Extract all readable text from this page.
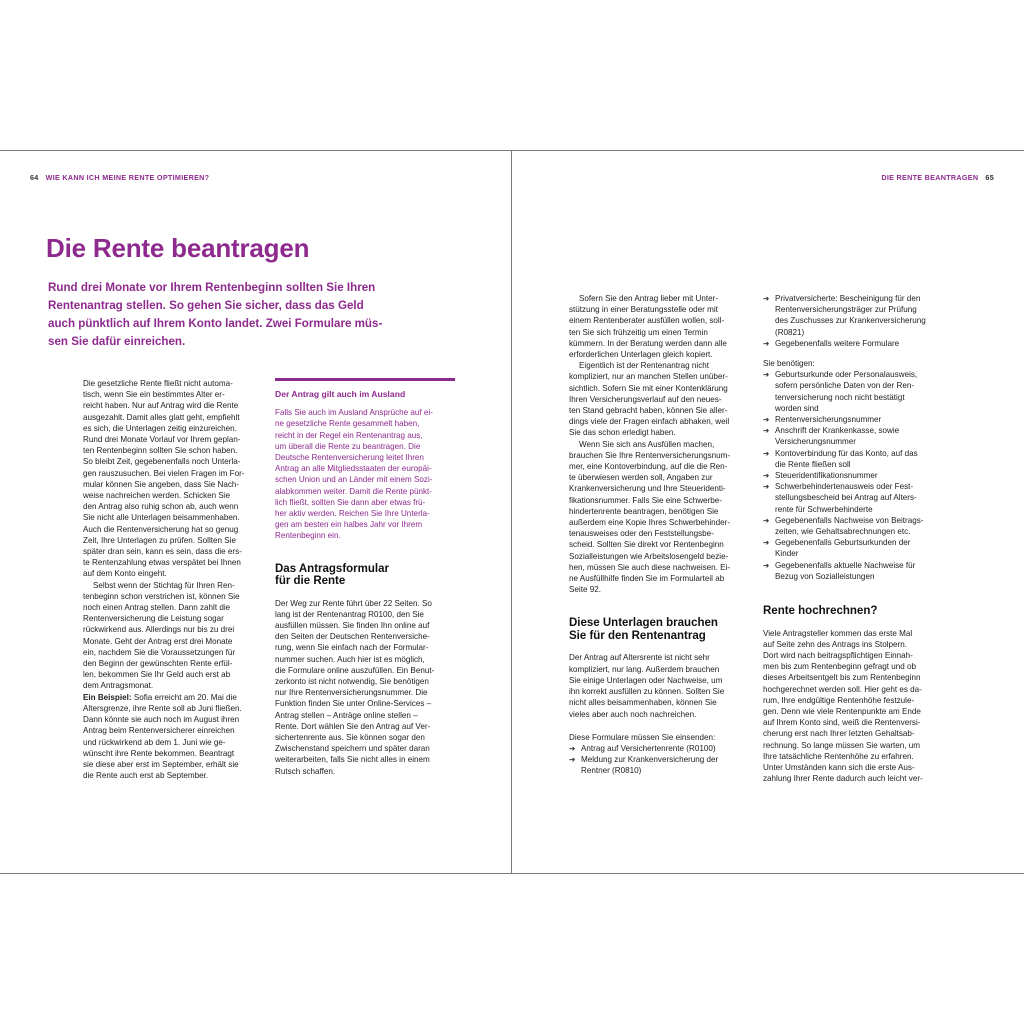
64 WIE KANN ICH MEINE RENTE OPTIMIEREN?
Die Rente beantragen
Rund drei Monate vor Ihrem Rentenbeginn sollten Sie Ihren
Rentenantrag stellen. So gehen Sie sicher, dass das Geld
auch pünktlich auf Ihrem Konto landet. Zwei Formulare müs-
sen Sie dafür einreichen.
Die gesetzliche Rente fließt nicht automa-
tisch, wenn Sie ein bestimmtes Alter er-
reicht haben. Nur auf Antrag wird die Rente
ausgezahlt. Damit alles glatt geht, empfiehlt
es sich, die Unterlagen zeitig einzureichen.
Rund drei Monate Vorlauf vor Ihrem geplan-
ten Rentenbeginn sollten Sie schon haben.
So bleibt Zeit, gegebenenfalls noch Unterla-
gen rauszusuchen. Bei vielen Fragen im For-
mular können Sie angeben, dass Sie Nach-
weise nachreichen werden. Schicken Sie
den Antrag also ruhig schon ab, auch wenn
Sie nicht alle Unterlagen beisammenhaben.
Auch die Rentenversicherung hat so genug
Zeit, Ihre Unterlagen zu prüfen. Sollten Sie
später dran sein, kann es sein, dass die ers-
te Rentenzahlung etwas verspätet bei Ihnen
auf dem Konto eingeht.
Selbst wenn der Stichtag für Ihren Ren-
tenbeginn schon verstrichen ist, können Sie
noch einen Antrag stellen. Dann zahlt die
Rentenversicherung die Leistung sogar
rückwirkend aus. Allerdings nur bis zu drei
Monate. Geht der Antrag erst drei Monate
ein, nachdem Sie die Voraussetzungen für
den Beginn der gewünschten Rente erfül-
len, bekommen Sie Ihr Geld auch erst ab
dem Antragsmonat.
Ein Beispiel: Sofia erreicht am 20. Mai die
Altersgrenze, ihre Rente soll ab Juni fließen.
Dann könnte sie auch noch im August ihren
Antrag beim Rentenversicherer einreichen
und rückwirkend ab dem 1. Juni wie ge-
wünscht ihre Rente bekommen. Beantragt
sie diese aber erst im September, erhält sie
die Rente auch erst ab September.
Der Antrag gilt auch im Ausland
Falls Sie auch im Ausland Ansprüche auf ei-
ne gesetzliche Rente gesammelt haben,
reicht in der Regel ein Rentenantrag aus,
um überall die Rente zu beantragen. Die
Deutsche Rentenversicherung leitet Ihren
Antrag an alle Mitgliedsstaaten der europäi-
schen Union und an Länder mit einem Sozi-
alabkommen weiter. Damit die Rente pünkt-
lich fließt, sollten Sie dann aber etwas frü-
her aktiv werden. Reichen Sie Ihre Unterla-
gen am besten ein halbes Jahr vor Ihrem
Rentenbeginn ein.
Das Antragsformular
für die Rente
Der Weg zur Rente führt über 22 Seiten. So
lang ist der Rentenantrag R0100, den Sie
ausfüllen müssen. Sie finden Ihn online auf
den Seiten der Deutschen Rentenversiche-
rung, wenn Sie einfach nach der Formular-
nummer suchen. Auch hier ist es möglich,
die Formulare online auszufüllen. Ein Benut-
zerkonto ist nicht notwendig, Sie benötigen
nur Ihre Rentenversicherungsnummer. Die
Funktion finden Sie unter Online-Services –
Antrag stellen – Anträge online stellen –
Rente. Dort wählen Sie den Antrag auf Ver-
sichertenrente aus. Sie können sogar den
Zwischenstand speichern und später daran
weiterarbeiten, falls Sie nicht alles in einem
Rutsch schaffen.
DIE RENTE BEANTRAGEN 65
Sofern Sie den Antrag lieber mit Unter-
stützung in einer Beratungsstelle oder mit
einem Rentenberater ausfüllen wollen, soll-
ten Sie sich frühzeitig um einen Termin
kümmern. In der Beratung werden dann alle
erforderlichen Unterlagen gleich kopiert.
Eigentlich ist der Rentenantrag nicht
kompliziert, nur an manchen Stellen unüber-
sichtlich. Sofern Sie mit einer Kontenklärung
Ihren Versicherungsverlauf auf den neues-
ten Stand gebracht haben, können Sie aller-
dings viele der Fragen einfach abhaken, weil
Sie das schon erledigt haben.
Wenn Sie sich ans Ausfüllen machen,
brauchen Sie Ihre Rentenversicherungsnum-
mer, eine Kontoverbindung, auf die die Ren-
te überwiesen werden soll, Angaben zur
Krankenversicherung und Ihre Steueridenti-
fikationsnummer. Falls Sie eine Schwerbe-
hindertenrente beantragen, benötigen Sie
außerdem eine Kopie Ihres Schwerbehinder-
tenausweises oder den Feststellungsbe-
scheid. Sollten Sie direkt vor Rentenbeginn
Sozialleistungen wie Arbeitslosengeld bezie-
hen, müssen Sie auch diese nachweisen. Ei-
ne Ausfüllhilfe finden Sie im Formularteil ab
Seite 92.
Diese Unterlagen brauchen
Sie für den Rentenantrag
Der Antrag auf Altersrente ist nicht sehr
kompliziert, nur lang. Außerdem brauchen
Sie einige Unterlagen oder Nachweise, um
ihn korrekt ausfüllen zu können. Sollten Sie
nicht alles beisammenhaben, können Sie
vieles aber auch noch nachreichen.
Diese Formulare müssen Sie einsenden:
➔ Antrag auf Versichertenrente (R0100)
➔ Meldung zur Krankenversicherung der
Rentner (R0810)
➔ Privatversicherte: Bescheinigung für den
Rentenversicherungsträger zur Prüfung
des Zuschusses zur Krankenversicherung
(R0821)
➔ Gegebenenfalls weitere Formulare
Sie benötigen:
➔ Geburtsurkunde oder Personalausweis,
sofern persönliche Daten von der Ren-
tenversicherung noch nicht bestätigt
worden sind
➔ Rentenversicherungsnummer
➔ Anschrift der Krankenkasse, sowie
Versicherungsnummer
➔ Kontoverbindung für das Konto, auf das
die Rente fließen soll
➔ Steueridentifikationsnummer
➔ Schwerbehindertenausweis oder Fest-
stellungsbescheid bei Antrag auf Alters-
rente für Schwerbehinderte
➔ Gegebenenfalls Nachweise von Beitrags-
zeiten, wie Gehaltsabrechnungen etc.
➔ Gegebenenfalls Geburtsurkunden der
Kinder
➔ Gegebenenfalls aktuelle Nachweise für
Bezug von Sozialleistungen
Rente hochrechnen?
Viele Antragsteller kommen das erste Mal
auf Seite zehn des Antrags ins Stolpern.
Dort wird nach beitragspflichtigen Einnah-
men bis zum Rentenbeginn gefragt und ob
dieses Arbeitsentgelt bis zum Rentenbeginn
hochgerechnet werden soll. Hier geht es da-
rum, Ihre endgültige Rentenhöhe festzule-
gen. Denn wie viele Rentenpunkte am Ende
auf Ihrem Konto sind, weiß die Rentenversi-
cherung erst nach Ihrer letzten Gehaltsab-
rechnung. So lange müssen Sie warten, um
Ihre tatsächliche Rentenhöhe zu erfahren.
Unter Umständen kann sich die erste Aus-
zahlung Ihrer Rente dadurch auch leicht ver-
